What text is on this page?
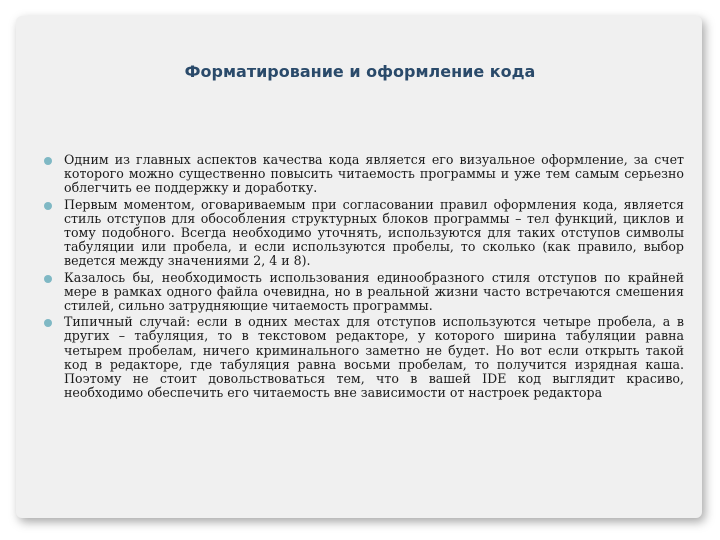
Форматирование и оформление кода
Одним из главных аспектов качества кода является его визуальное оформление, за счет которого можно существенно повысить читаемость программы и уже тем самым серьезно облегчить ее поддержку и доработку.
Первым моментом, оговариваемым при согласовании правил оформления кода, является стиль отступов для обособления структурных блоков программы – тел функций, циклов и тому подобного. Всегда необходимо уточнять, используются для таких отступов символы табуляции или пробела, и если используются пробелы, то сколько (как правило, выбор ведется между значениями 2, 4 и 8).
Казалось бы, необходимость использования единообразного стиля отступов по крайней мере в рамках одного файла очевидна, но в реальной жизни часто встречаются смешения стилей, сильно затрудняющие читаемость программы.
Типичный случай: если в одних местах для отступов используются четыре пробела, а в других – табуляция, то в текстовом редакторе, у которого ширина табуляции равна четырем пробелам, ничего криминального заметно не будет. Но вот если открыть такой код в редакторе, где табуляция равна восьми пробелам, то получится изрядная каша. Поэтому не стоит довольствоваться тем, что в вашей IDE код выглядит красиво, необходимо обеспечить его читаемость вне зависимости от настроек редактора
